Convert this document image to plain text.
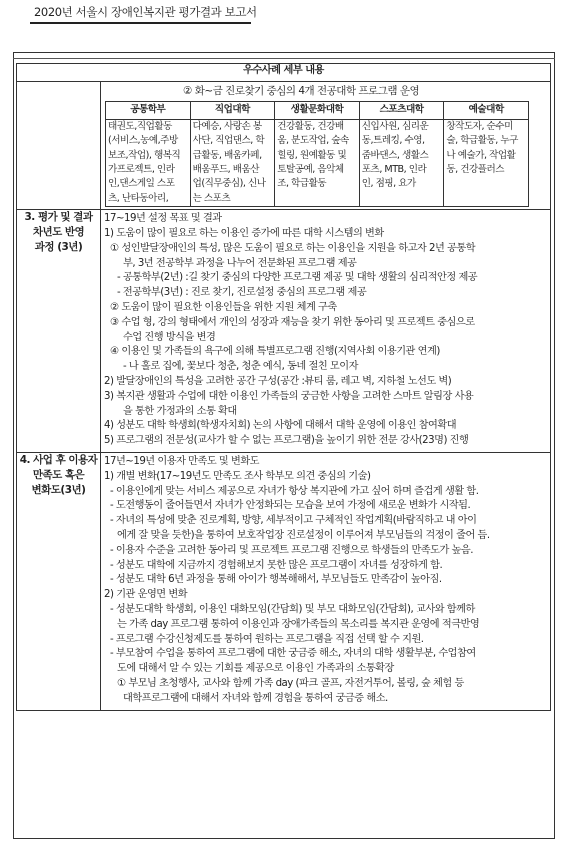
2020년 서울시 장애인복지관 평가결과 보고서
우수사례 세부 내용

② 화~금 진로찾기 중심의 4개 전공대학 프로그램 운영
공통학부	직업대학	생활문화대학	스포츠대학	예술대학

태권도,직업활동
(서비스,농예,주방
보조,작업), 행복직
가프로젝트, 인라
인,댄스게일 스포
츠, 난타동아리,

다예승, 사랑손 봉
사단, 직업댄스, 학
급활동, 배움카페,
배움푸드, 배움산
업(직무중심), 신나
는 스포츠

건강활동, 건강배
움, 분도작업, 숲속
힐링, 원예활동 및
토탈공예, 음악체
조, 학급활동

신입사원, 심리운
동,트레킹, 수영,
줌바댄스, 생활스
포츠, MTB, 인라
인, 점핑, 요가

창작도자, 순수미
술, 학급활동, 누구
나 예술가, 작업활
동, 건강플러스

3. 평가 및 결과
차년도 반영
과정 (3년)

17~19년 설정 목표 및 결과
1) 도움이 많이 필요로 하는 이용인 증가에 따른 대학 시스템의 변화
① 성인발달장애인의 특성, 많은 도움이 필요로 하는 이용인을 지원을 하고자 2년 공통학
부, 3년 전공학부 과정을 나누어 전문화된 프로그램 제공
- 공통학부(2년) :길 찾기 중심의 다양한 프로그램 제공 및 대학 생활의 심리적안정 제공
- 전공학부(3년) : 진로 찾기, 진로설정 중심의 프로그램 제공
② 도움이 많이 필요한 이용인들을 위한 지원 체계 구축
③ 수업 형, 강의 형태에서 개인의 성장과 재능을 찾기 위한 동아리 및 프로젝트 중심으로
수업 진행 방식을 변경
④ 이용인 및 가족들의 욕구에 의해 특별프로그램 진행(지역사회 이용기관 연계)
- 나 홀로 집에, 꽃보다 청춘, 청춘 예식, 동네 절친 모이자
2) 발달장애인의 특성을 고려한 공간 구성(공간 :뷰티 룸, 레고 벽, 지하철 노선도 벽)
3) 복지관 생활과 수업에 대한 이용인 가족들의 궁금한 사항을 고려한 스마트 알림장 사용
을 통한 가정과의 소통 확대
4) 성분도 대학 학생회(학생자치회) 논의 사항에 대해서 대학 운영에 이용인 참여확대
5) 프로그램의 전문성(교사가 할 수 없는 프로그램)을 높이기 위한 전문 강사(23명) 진행

4. 사업 후 이용자
만족도 혹은
변화도(3년)

17년~19년 이용자 만족도 및 변화도
1) 개별 변화(17~19년도 만족도 조사 학부모 의견 중심의 기술)
- 이용인에게 맞는 서비스 제공으로 자녀가 항상 복지관에 가고 싶어 하며 즐겁게 생활 함.
- 도전행동이 줄어들면서 자녀가 안정화되는 모습을 보여 가정에 새로운 변화가 시작됨.
- 자녀의 특성에 맞춘 진로계획, 방향, 세부적이고 구체적인 작업계획(바람직하고 내 아이
에게 잘 맞을 듯한)을 통하여 보호작업장 진로설정이 이루어져 부모님들의 걱정이 줄어 듬.
- 이용자 수준을 고려한 동아리 및 프로젝트 프로그램 진행으로 학생들의 만족도가 높음.
- 성분도 대학에 지금까지 경험해보지 못한 많은 프로그램이 자녀를 성장하게 함.
- 성분도 대학 6년 과정을 통해 아이가 행복해해서, 부모님들도 만족감이 높아짐.
2) 기관 운영면 변화
- 성분도대학 학생회, 이용인 대화모임(간담회) 및 부모 대화모임(간담회), 교사와 함께하
는 가족 day 프로그램 통하여 이용인과 장애가족들의 목소리를 복지관 운영에 적극반영
- 프로그램 수강신청제도를 통하여 원하는 프로그램을 직접 선택 할 수 지원.
- 부모참여 수업을 통하여 프로그램에 대한 궁금증 해소, 자녀의 대학 생활부분, 수업참여
도에 대해서 알 수 있는 기회를 제공으로 이용인 가족과의 소통확장
① 부모님 초청행사, 교사와 함께 가족 day (파크 골프, 자전거투어, 볼링, 숲 체험 등
대학프로그램에 대해서 자녀와 함께 경험을 통하여 궁금증 해소.
